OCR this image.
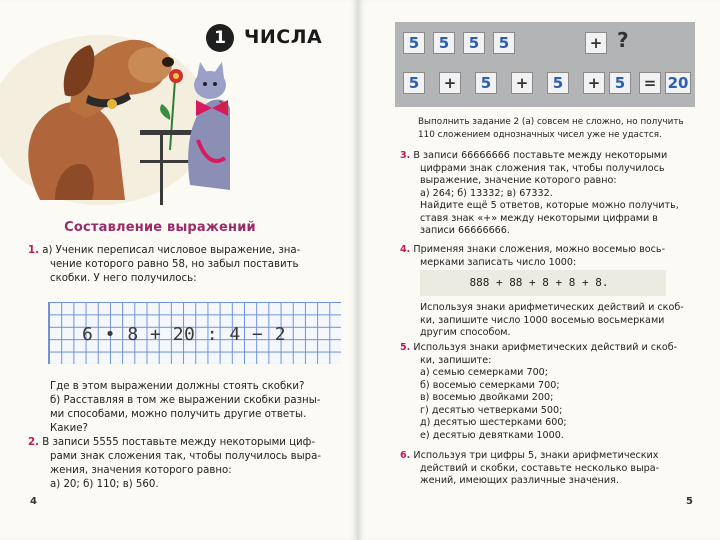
x
1 ЧИСЛА
Составление выражений
1. а) Ученик переписал числовое выражение, зна-
чение которого равно 58, но забыл поставить
скобки. У него получилось:
6 • 8 + 20 : 4 − 2
Где в этом выражении должны стоять скобки?
б) Расставляя в том же выражении скобки разны-
ми способами, можно получить другие ответы.
Какие?
2. В записи 5555 поставьте между некоторыми циф-
рами знак сложения так, чтобы получилось выра-
жения, значения которого равно:
а) 20; б) 110; в) 560.
4
5	5	5	5	+ ?
5	+	5	+	5	+ 5	= 20
Выполнить задание 2 (а) совсем не сложно, но получить
110 сложением однозначных чисел уже не удастся.
3. В записи 66666666 поставьте между некоторыми
цифрами знак сложения так, чтобы получилось
выражение, значение которого равно:
а) 264; б) 13332; в) 67332.
Найдите ещё 5 ответов, которые можно получить,
ставя знак «+» между некоторыми цифрами в
записи 66666666.
4. Применяя знаки сложения, можно восемью вось-
мерками записать число 1000:
888 + 88 + 8 + 8 + 8.
Используя знаки арифметических действий и скоб-
ки, запишите число 1000 восемью восьмерками
другим способом.
5. Используя знаки арифметических действий и скоб-
ки, запишите:
а) семью семерками 700;
б) восемью семерками 700;
в) восемью двойками 200;
г) десятью четверками 500;
д) десятью шестерками 600;
е) десятью девятками 1000.
6. Используя три цифры 5, знаки арифметических
действий и скобки, составьте несколько выра-
жений, имеющих различные значения.
5
